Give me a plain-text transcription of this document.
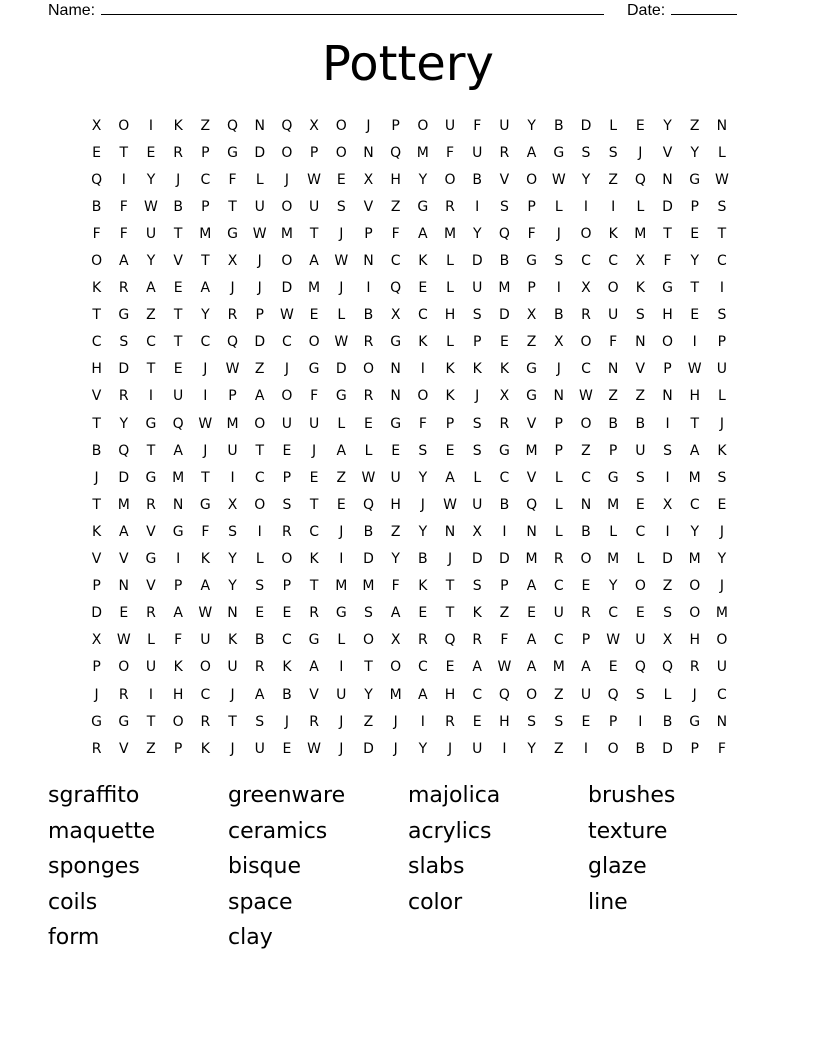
Name:	Date:
Pottery
X	O	I	K	Z	Q	N	Q	X	O	J	P	O	U	F	U	Y	B	D	L	E	Y	Z	N
E	T	E	R	P	G	D	O	P	O	N	Q	M	F	U	R	A	G	S	S	J	V	Y	L
Q	I	Y	J	C	F	L	J	W	E	X	H	Y	O	B	V	O	W	Y	Z	Q	N	G	W
B	F	W	B	P	T	U	O	U	S	V	Z	G	R	I	S	P	L	I	I	L	D	P	S
F	F	U	T	M	G	W	M	T	J	P	F	A	M	Y	Q	F	J	O	K	M	T	E	T
O	A	Y	V	T	X	J	O	A	W	N	C	K	L	D	B	G	S	C	C	X	F	Y	C
K	R	A	E	A	J	J	D	M	J	I	Q	E	L	U	M	P	I	X	O	K	G	T	I
T	G	Z	T	Y	R	P	W	E	L	B	X	C	H	S	D	X	B	R	U	S	H	E	S
C	S	C	T	C	Q	D	C	O	W	R	G	K	L	P	E	Z	X	O	F	N	O	I	P
H	D	T	E	J	W	Z	J	G	D	O	N	I	K	K	K	G	J	C	N	V	P	W	U
V	R	I	U	I	P	A	O	F	G	R	N	O	K	J	X	G	N	W	Z	Z	N	H	L
T	Y	G	Q	W	M	O	U	U	L	E	G	F	P	S	R	V	P	O	B	B	I	T	J
B	Q	T	A	J	U	T	E	J	A	L	E	S	E	S	G	M	P	Z	P	U	S	A	K
J	D	G	M	T	I	C	P	E	Z	W	U	Y	A	L	C	V	L	C	G	S	I	M	S
T	M	R	N	G	X	O	S	T	E	Q	H	J	W	U	B	Q	L	N	M	E	X	C	E
K	A	V	G	F	S	I	R	C	J	B	Z	Y	N	X	I	N	L	B	L	C	I	Y	J
V	V	G	I	K	Y	L	O	K	I	D	Y	B	J	D	D	M	R	O	M	L	D	M	Y
P	N	V	P	A	Y	S	P	T	M	M	F	K	T	S	P	A	C	E	Y	O	Z	O	J
D	E	R	A	W	N	E	E	R	G	S	A	E	T	K	Z	E	U	R	C	E	S	O	M
X	W	L	F	U	K	B	C	G	L	O	X	R	Q	R	F	A	C	P	W	U	X	H	O
P	O	U	K	O	U	R	K	A	I	T	O	C	E	A	W	A	M	A	E	Q	Q	R	U
J	R	I	H	C	J	A	B	V	U	Y	M	A	H	C	Q	O	Z	U	Q	S	L	J	C
G	G	T	O	R	T	S	J	R	J	Z	J	I	R	E	H	S	S	E	P	I	B	G	N
R	V	Z	P	K	J	U	E	W	J	D	J	Y	J	U	I	Y	Z	I	O	B	D	P	F
sgraffito	greenware	majolica	brushes
maquette	ceramics	acrylics	texture
sponges	bisque	slabs	glaze
coils	space	color	line
form	clay
